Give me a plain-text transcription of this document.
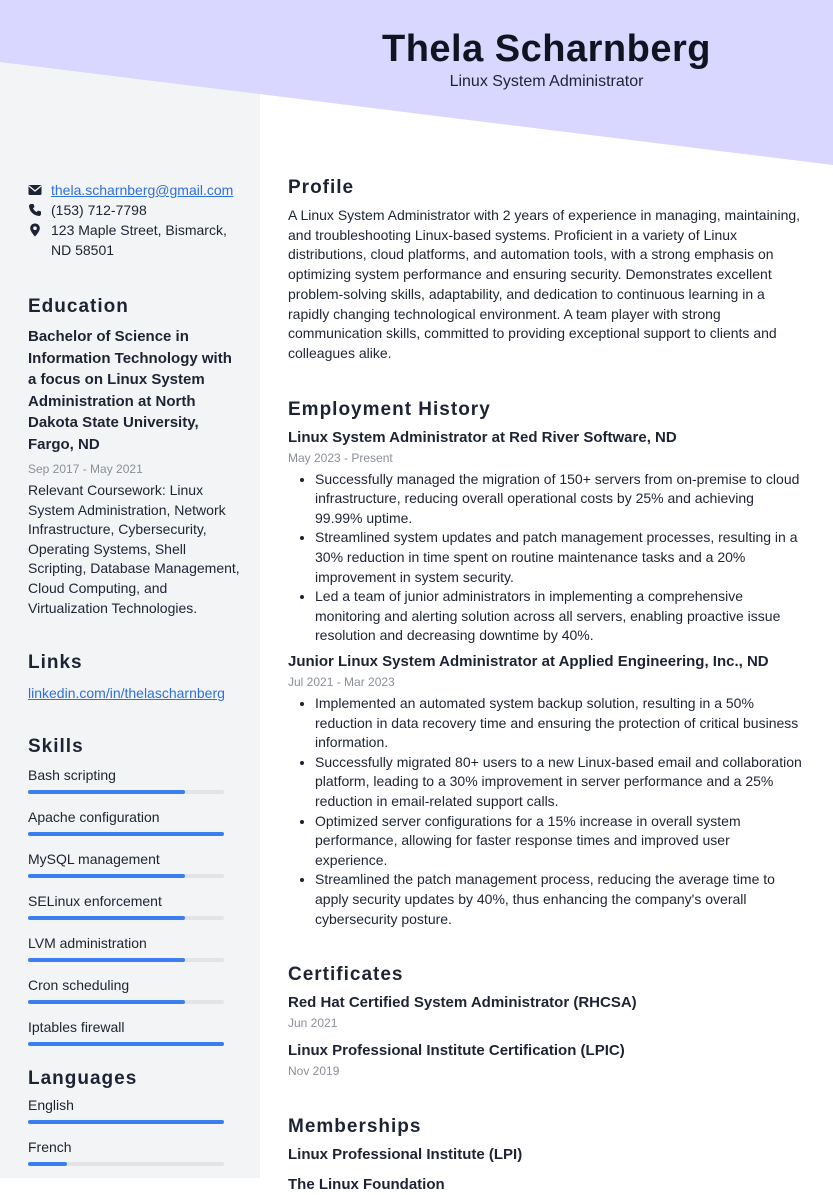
Thela Scharnberg
Linux System Administrator
thela.scharnberg@gmail.com
(153) 712-7798
123 Maple Street, Bismarck, ND 58501
Education
Bachelor of Science in Information Technology with a focus on Linux System Administration at North Dakota State University, Fargo, ND
Sep 2017 - May 2021
Relevant Coursework: Linux System Administration, Network Infrastructure, Cybersecurity, Operating Systems, Shell Scripting, Database Management, Cloud Computing, and Virtualization Technologies.
Links
linkedin.com/in/thelascharnberg
Skills
Bash scripting
Apache configuration
MySQL management
SELinux enforcement
LVM administration
Cron scheduling
Iptables firewall
Languages
English
French
Profile
A Linux System Administrator with 2 years of experience in managing, maintaining, and troubleshooting Linux-based systems. Proficient in a variety of Linux distributions, cloud platforms, and automation tools, with a strong emphasis on optimizing system performance and ensuring security. Demonstrates excellent problem-solving skills, adaptability, and dedication to continuous learning in a rapidly changing technological environment. A team player with strong communication skills, committed to providing exceptional support to clients and colleagues alike.
Employment History
Linux System Administrator at Red River Software, ND
May 2023 - Present
• Successfully managed the migration of 150+ servers from on-premise to cloud infrastructure, reducing overall operational costs by 25% and achieving 99.99% uptime.
• Streamlined system updates and patch management processes, resulting in a 30% reduction in time spent on routine maintenance tasks and a 20% improvement in system security.
• Led a team of junior administrators in implementing a comprehensive monitoring and alerting solution across all servers, enabling proactive issue resolution and decreasing downtime by 40%.
Junior Linux System Administrator at Applied Engineering, Inc., ND
Jul 2021 - Mar 2023
• Implemented an automated system backup solution, resulting in a 50% reduction in data recovery time and ensuring the protection of critical business information.
• Successfully migrated 80+ users to a new Linux-based email and collaboration platform, leading to a 30% improvement in server performance and a 25% reduction in email-related support calls.
• Optimized server configurations for a 15% increase in overall system performance, allowing for faster response times and improved user experience.
• Streamlined the patch management process, reducing the average time to apply security updates by 40%, thus enhancing the company's overall cybersecurity posture.
Certificates
Red Hat Certified System Administrator (RHCSA)
Jun 2021
Linux Professional Institute Certification (LPIC)
Nov 2019
Memberships
Linux Professional Institute (LPI)
The Linux Foundation
